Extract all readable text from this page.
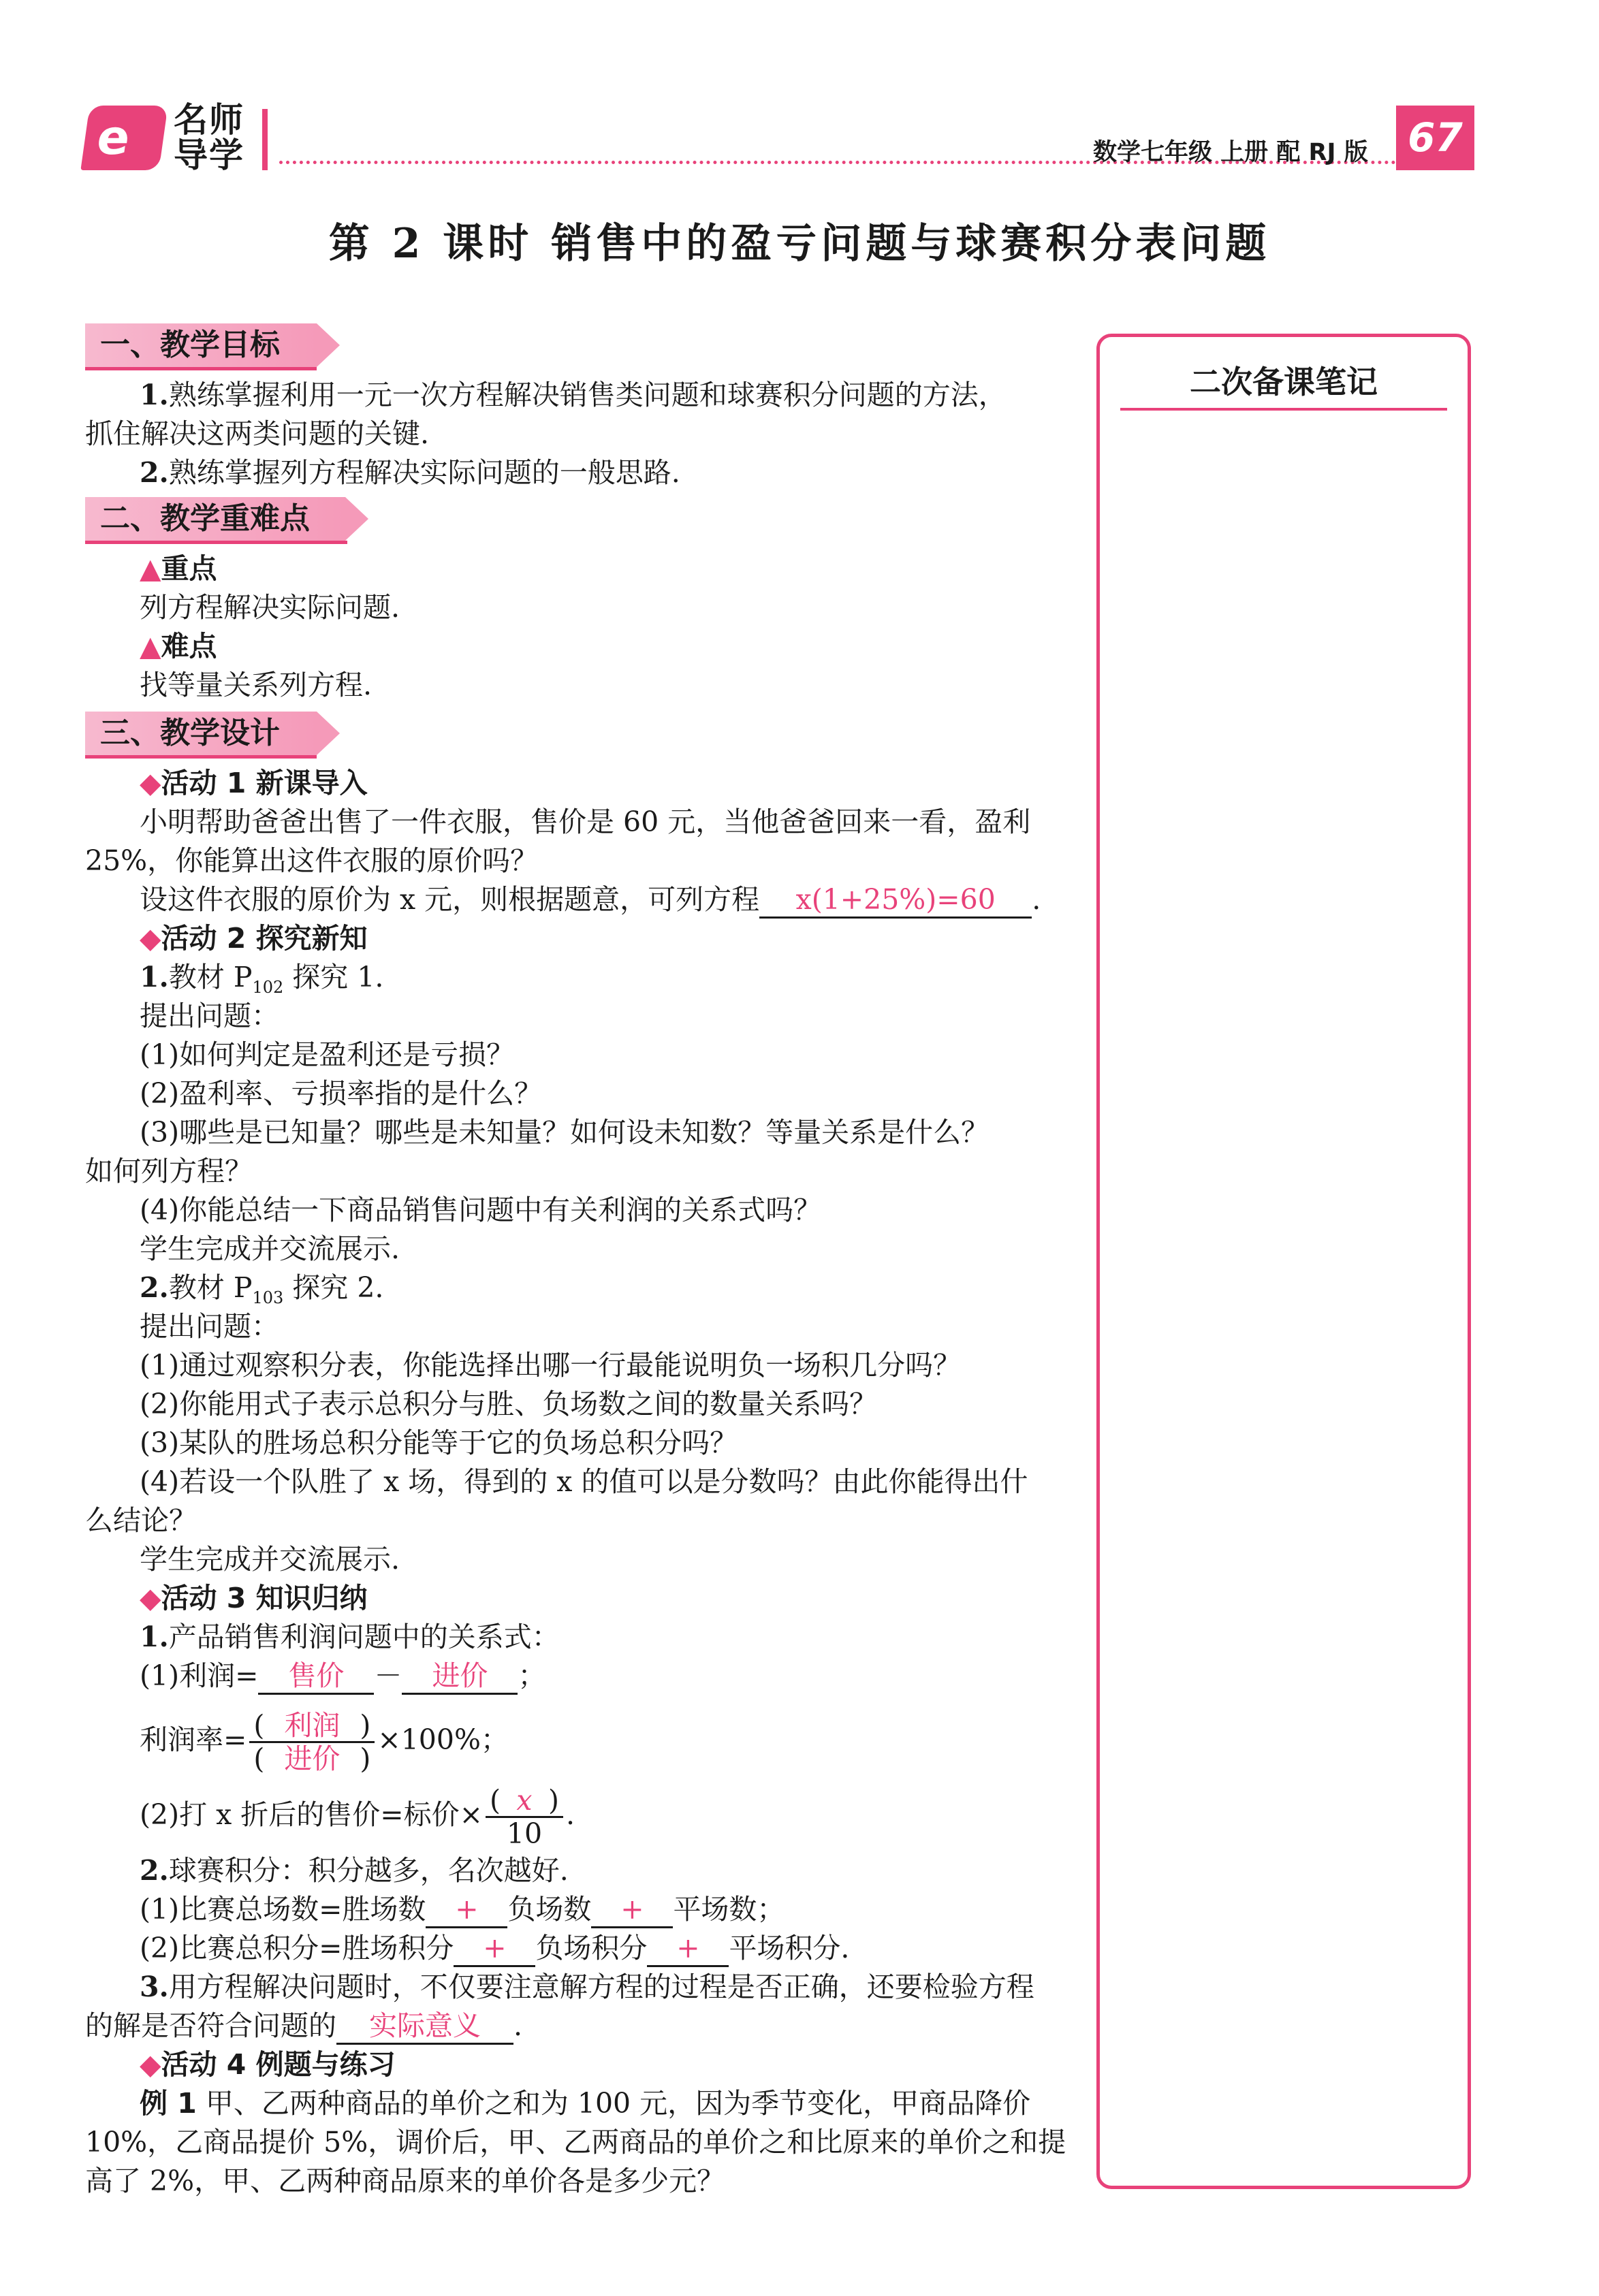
e 名师
导学	数学七年级 上册 配 RJ 版 67
第 2 课时 销售中的盈亏问题与球赛积分表问题
一、教学目标
1.熟练掌握利用一元一次方程解决销售类问题和球赛积分问题的方法，
抓住解决这两类问题的关键.
2.熟练掌握列方程解决实际问题的一般思路.
二、教学重难点
▲重点
列方程解决实际问题.
▲难点
找等量关系列方程.
三、教学设计
◆活动 1 新课导入
小明帮助爸爸出售了一件衣服，售价是 60 元，当他爸爸回来一看，盈利
25%，你能算出这件衣服的原价吗？
设这件衣服的原价为 x 元，则根据题意，可列方程 x(1+25%)=60 .
◆活动 2 探究新知
1.教材 $P_{102}$ 探究 1.
提出问题：
(1)如何判定是盈利还是亏损？
(2)盈利率、亏损率指的是什么？
(3)哪些是已知量？哪些是未知量？如何设未知数？等量关系是什么？
如何列方程？
(4)你能总结一下商品销售问题中有关利润的关系式吗？
学生完成并交流展示.
2.教材 $P_{103}$ 探究 2.
提出问题：
(1)通过观察积分表，你能选择出哪一行最能说明负一场积几分吗？
(2)你能用式子表示总积分与胜、负场数之间的数量关系吗？
(3)某队的胜场总积分能等于它的负场总积分吗？
(4)若设一个队胜了 x 场，得到的 x 的值可以是分数吗？由此你能得出什
么结论？
学生完成并交流展示.
◆活动 3 知识归纳
1.产品销售利润问题中的关系式：
(1)利润= 售价 － 进价 ；
利润率= $\frac{\text{( 利润 )}}{\text{( 进价 )}} \times 100\%$；
(2)打 x 折后的售价=标价× $\frac{( x )}{10}$ .
2.球赛积分：积分越多，名次越好.
(1)比赛总场数=胜场数 + 负场数 + 平场数；
(2)比赛总积分=胜场积分 + 负场积分 + 平场积分.
3.用方程解决问题时，不仅要注意解方程的过程是否正确，还要检验方程
的解是否符合问题的 实际意义 .
◆活动 4 例题与练习
例 1 甲、乙两种商品的单价之和为 100 元，因为季节变化，甲商品降价
10%，乙商品提价 5%，调价后，甲、乙两商品的单价之和比原来的单价之和提
高了 2%，甲、乙两种商品原来的单价各是多少元？
二次备课笔记
